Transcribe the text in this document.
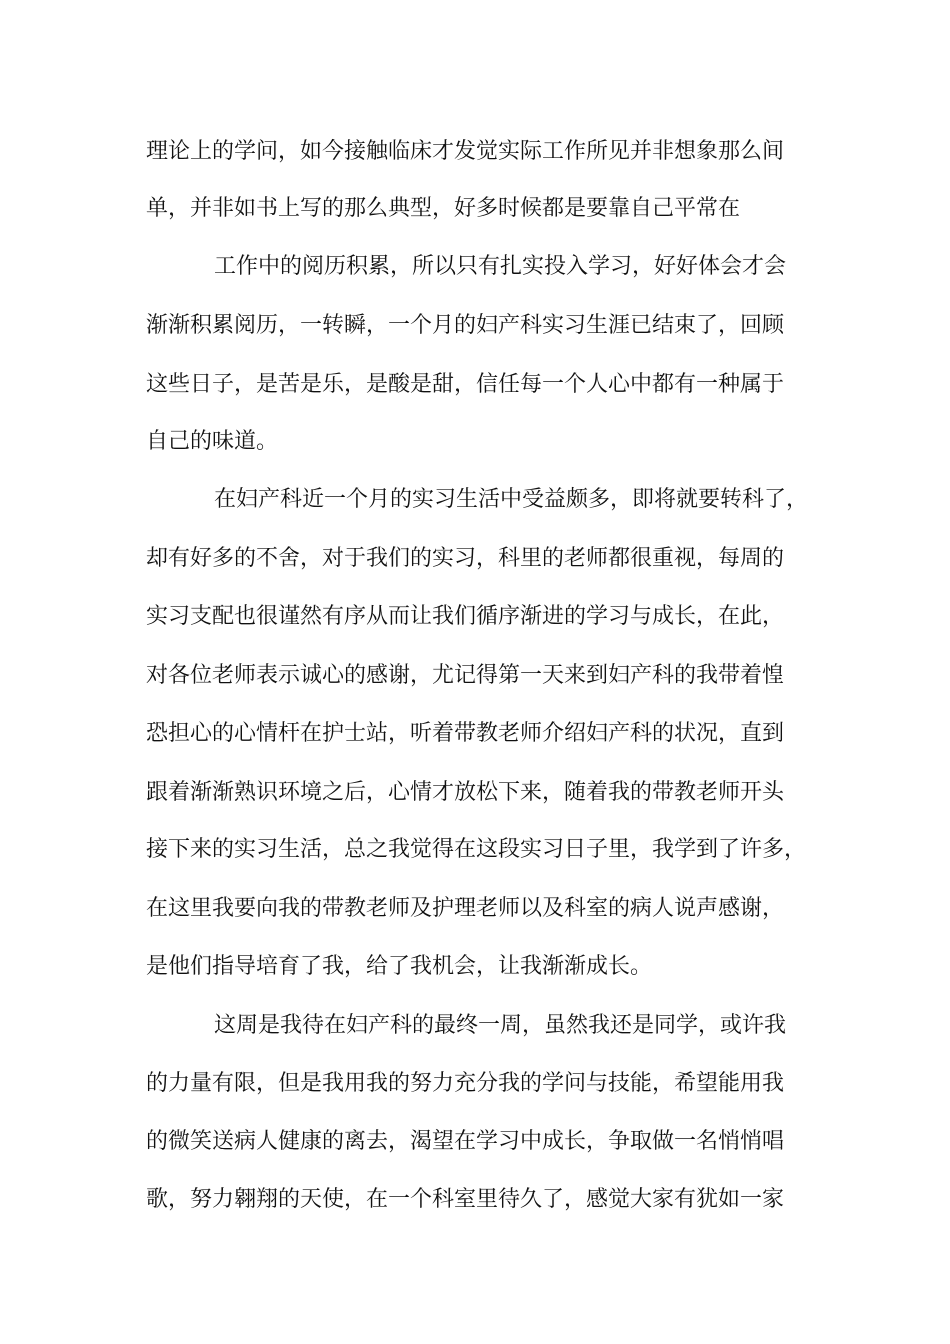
理论上的学问，如今接触临床才发觉实际工作所见并非想象那么间
单，并非如书上写的那么典型，好多时候都是要靠自己平常在
工作中的阅历积累，所以只有扎实投入学习，好好体会才会
渐渐积累阅历，一转瞬，一个月的妇产科实习生涯已结束了，回顾
这些日子，是苦是乐，是酸是甜，信任每一个人心中都有一种属于
自己的味道。
在妇产科近一个月的实习生活中受益颇多，即将就要转科了，
却有好多的不舍，对于我们的实习，科里的老师都很重视，每周的
实习支配也很谨然有序从而让我们循序渐进的学习与成长，在此，
对各位老师表示诚心的感谢，尤记得第一天来到妇产科的我带着惶
恐担心的心情杆在护士站，听着带教老师介绍妇产科的状况，直到
跟着渐渐熟识环境之后，心情才放松下来，随着我的带教老师开头
接下来的实习生活，总之我觉得在这段实习日子里，我学到了许多，
在这里我要向我的带教老师及护理老师以及科室的病人说声感谢，
是他们指导培育了我，给了我机会，让我渐渐成长。
这周是我待在妇产科的最终一周，虽然我还是同学，或许我
的力量有限，但是我用我的努力充分我的学问与技能，希望能用我
的微笑送病人健康的离去，渴望在学习中成长，争取做一名悄悄唱
歌，努力翱翔的天使，在一个科室里待久了，感觉大家有犹如一家
